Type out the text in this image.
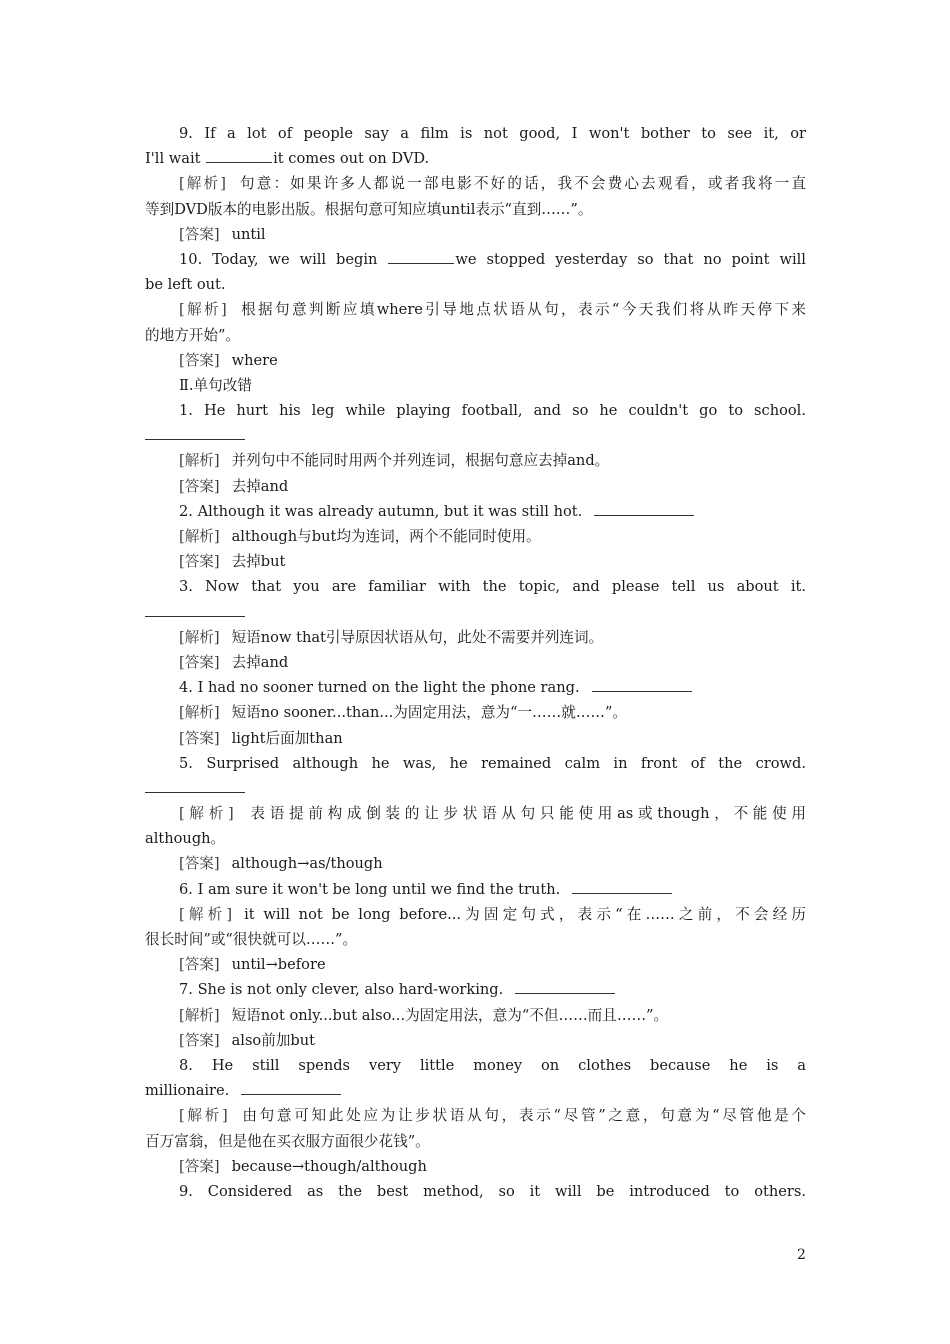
9. If a lot of people say a film is not good, I won't bother to see it, or
I'll wait	it comes out on DVD.
[解析] 句意：如果许多人都说一部电影不好的话，我不会费心去观看，或者我将一直
等到DVD版本的电影出版。根据句意可知应填until表示“直到……”。
[答案] until
10. Today, we will begin	we stopped yesterday so that no point will
be left out.
[解析] 根据句意判断应填where引导地点状语从句，表示“今天我们将从昨天停下来
的地方开始”。
[答案] where
Ⅱ.单句改错
1. He hurt his leg while playing football, and so he couldn't go to school.
[解析] 并列句中不能同时用两个并列连词，根据句意应去掉and。
[答案] 去掉and
2. Although it was already autumn, but it was still hot.
[解析] although与but均为连词，两个不能同时使用。
[答案] 去掉but
3. Now that you are familiar with the topic, and please tell us about it.
[解析] 短语now that引导原因状语从句，此处不需要并列连词。
[答案] 去掉and
4. I had no sooner turned on the light the phone rang.
[解析] 短语no sooner...than...为固定用法，意为“一……就……”。
[答案] light后面加than
5. Surprised although he was, he remained calm in front of the crowd.
[解析] 表语提前构成倒装的让步状语从句只能使用as或though，不能使用
although。
[答案] although→as/though
6. I am sure it won't be long until we find the truth.
[解析] it will not be long before...为固定句式，表示“在……之前，不会经历
很长时间”或“很快就可以……”。
[答案] until→before
7. She is not only clever, also hard-working.
[解析] 短语not only...but also...为固定用法，意为“不但……而且……”。
[答案] also前加but
8. He still spends very little money on clothes because he is a
millionaire.
[解析] 由句意可知此处应为让步状语从句，表示“尽管”之意，句意为“尽管他是个
百万富翁，但是他在买衣服方面很少花钱”。
[答案] because→though/although
9. Considered as the best method, so it will be introduced to others.
2
